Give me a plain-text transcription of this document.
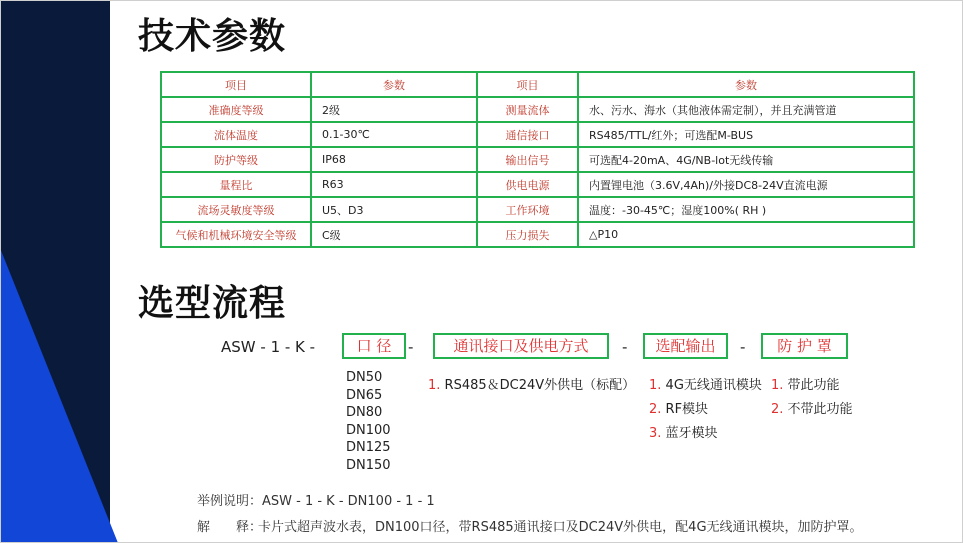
技术参数
项目	参数	项目	参数
准确度等级	2级	测量流体	水、污水、海水（其他液体需定制），并且充满管道
流体温度	0.1-30℃	通信接口	RS485/TTL/红外；可选配M-BUS
防护等级	IP68	输出信号	可选配4-20mA、4G/NB-lot无线传输
量程比	R63	供电电源	内置锂电池（3.6V,4Ah)/外接DC8-24V直流电源
流场灵敏度等级	U5、D3	工作环境	温度：-30-45℃；湿度100%( RH )
气候和机械环境安全等级	C级	压力损失	△P10
选型流程
ASW - 1 - K -	口 径	-	通讯接口及供电方式	-	选配输出	-	防 护 罩
DN50
DN65
DN80
DN100
DN125
DN150
1. RS485＆DC24V外供电（标配） 1. 4G无线通讯模块
2. RF模块
3. 蓝牙模块
1. 带此功能
2. 不带此功能
举例说明：ASW - 1 - K - DN100 - 1 - 1
解　　释：卡片式超声波水表，DN100口径，带RS485通讯接口及DC24V外供电，配4G无线通讯模块，加防护罩。
